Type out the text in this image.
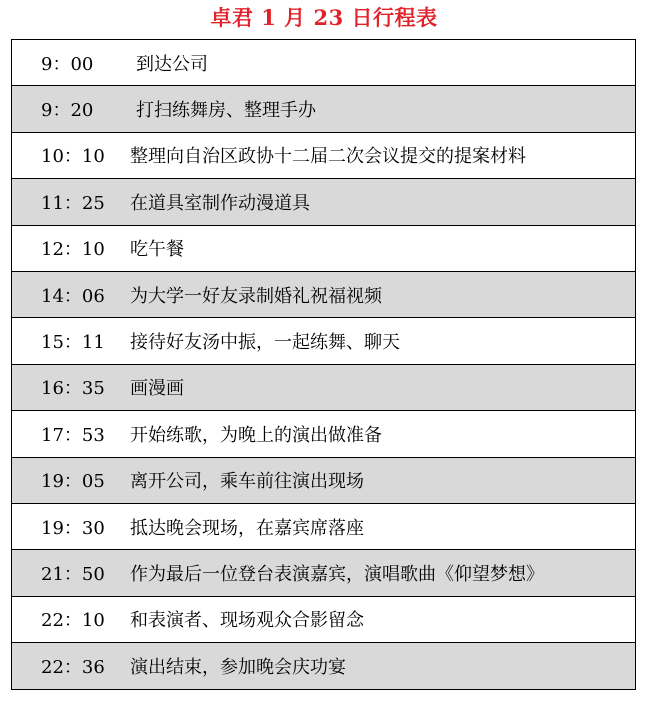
卓君 1 月 23 日行程表
9：00	到达公司
9：20	打扫练舞房、整理手办
10：10	整理向自治区政协十二届二次会议提交的提案材料
11：25	在道具室制作动漫道具
12：10	吃午餐
14：06	为大学一好友录制婚礼祝福视频
15：11	接待好友汤中振，一起练舞、聊天
16：35	画漫画
17：53	开始练歌，为晚上的演出做准备
19：05	离开公司，乘车前往演出现场
19：30	抵达晚会现场，在嘉宾席落座
21：50	作为最后一位登台表演嘉宾，演唱歌曲《仰望梦想》
22：10	和表演者、现场观众合影留念
22：36	演出结束，参加晚会庆功宴
